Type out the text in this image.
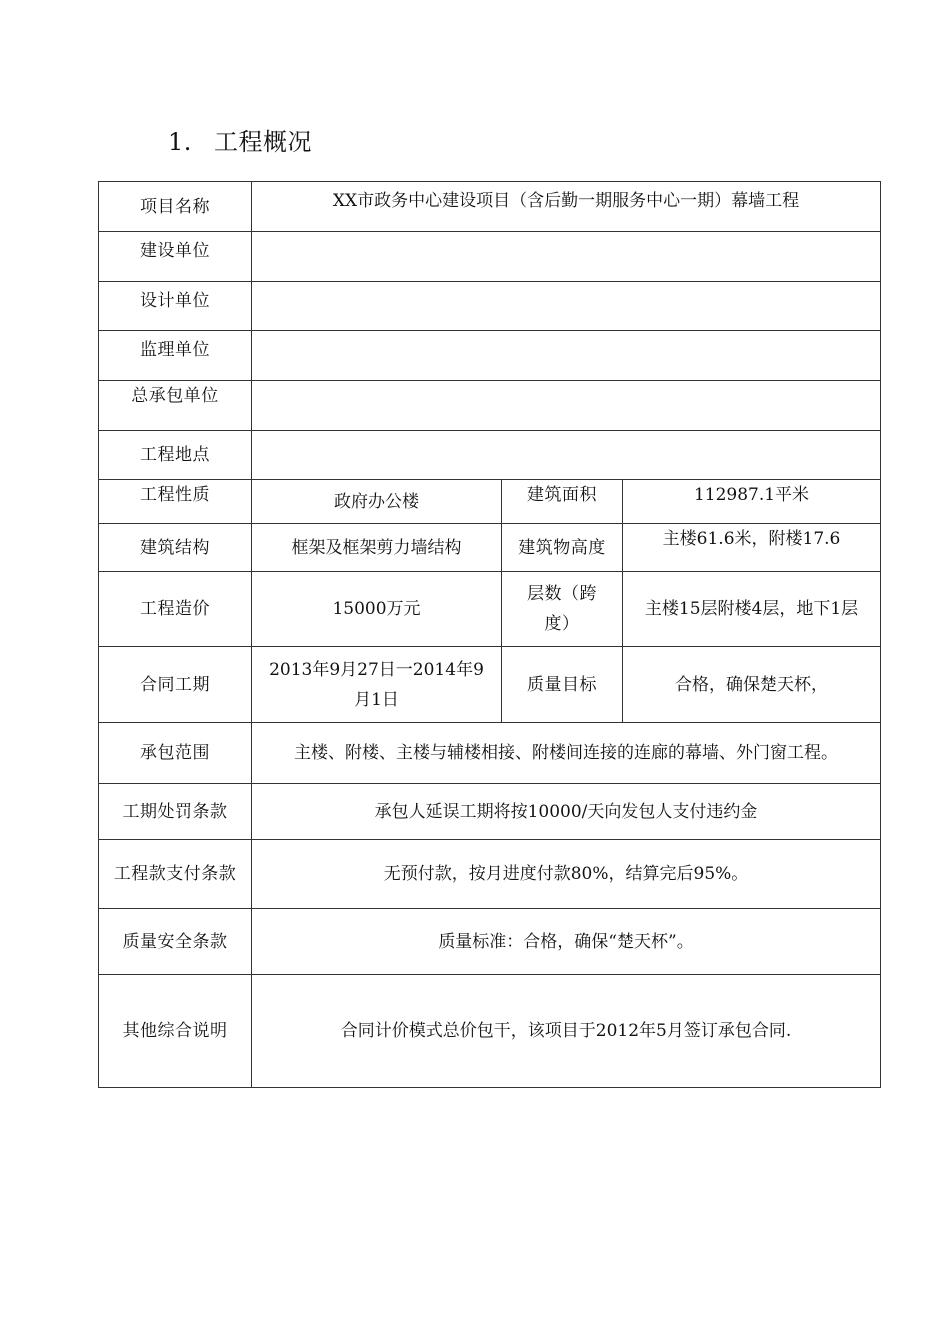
1. 工程概况
项目名称	XX市政务中心建设项目（含后勤一期服务中心一期）幕墙工程		
建设单位			
设计单位			
监理单位			
总承包单位			
工程地点			
工程性质	政府办公楼	建筑面积	112987.1平米
建筑结构	框架及框架剪力墙结构	建筑物高度	主楼61.6米，附楼17.6
工程造价	15000万元	层数（跨度）	主楼15层附楼4层，地下1层
合同工期	2013年9月27日一2014年9月1日	质量目标	合格，确保楚天杯，
承包范围	主楼、附楼、主楼与辅楼相接、附楼间连接的连廊的幕墙、外门窗工程。		
工期处罚条款	承包人延误工期将按10000/天向发包人支付违约金		
工程款支付条款	无预付款，按月进度付款80%，结算完后95%。		
质量安全条款	质量标准：合格，确保“楚天杯”。		
其他综合说明	合同计价模式总价包干，该项目于2012年5月签订承包合同.		
